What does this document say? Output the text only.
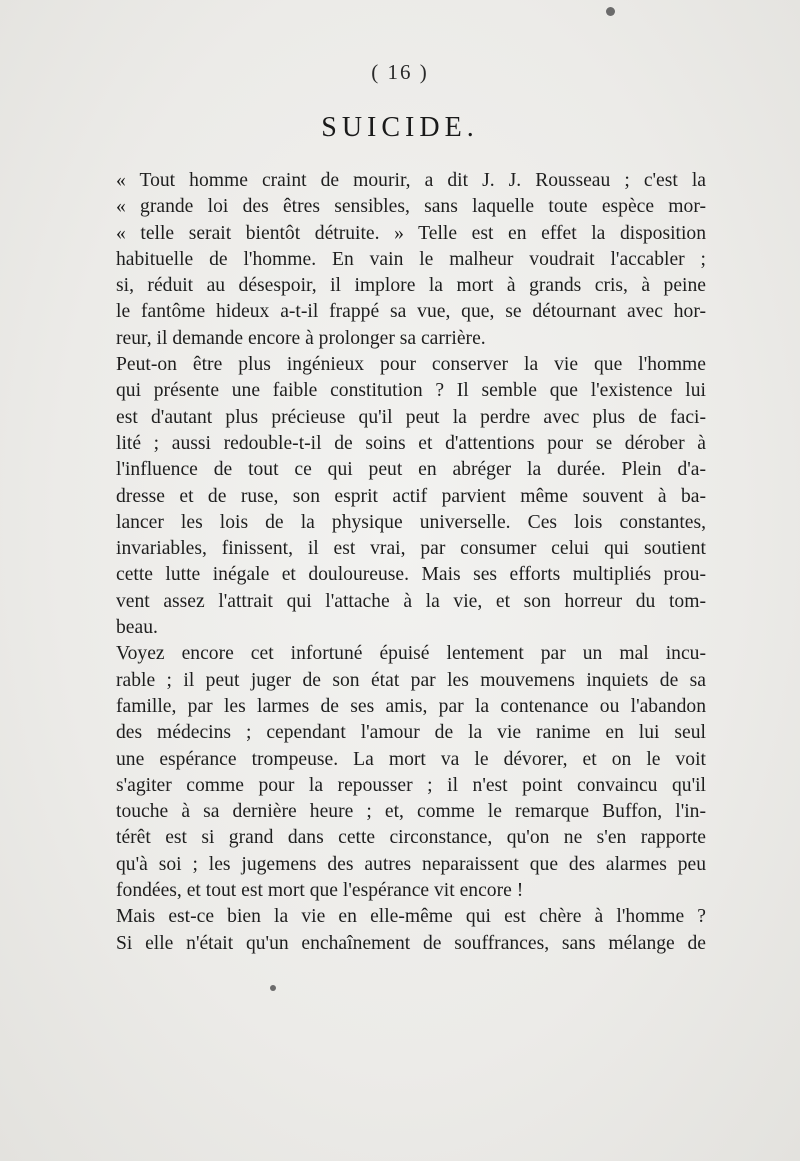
( 16 )
SUICIDE.
« Tout homme craint de mourir, a dit J. J. Rousseau ; c'est la
« grande loi des êtres sensibles, sans laquelle toute espèce mor-
« telle serait bientôt détruite. » Telle est en effet la disposition
habituelle de l'homme. En vain le malheur voudrait l'accabler ;
si, réduit au désespoir, il implore la mort à grands cris, à peine
le fantôme hideux a-t-il frappé sa vue, que, se détournant avec hor-
reur, il demande encore à prolonger sa carrière.
Peut-on être plus ingénieux pour conserver la vie que l'homme
qui présente une faible constitution ? Il semble que l'existence lui
est d'autant plus précieuse qu'il peut la perdre avec plus de faci-
lité ; aussi redouble-t-il de soins et d'attentions pour se dérober à
l'influence de tout ce qui peut en abréger la durée. Plein d'a-
dresse et de ruse, son esprit actif parvient même souvent à ba-
lancer les lois de la physique universelle. Ces lois constantes,
invariables, finissent, il est vrai, par consumer celui qui soutient
cette lutte inégale et douloureuse. Mais ses efforts multipliés prou-
vent assez l'attrait qui l'attache à la vie, et son horreur du tom-
beau.
Voyez encore cet infortuné épuisé lentement par un mal incu-
rable ; il peut juger de son état par les mouvemens inquiets de sa
famille, par les larmes de ses amis, par la contenance ou l'abandon
des médecins ; cependant l'amour de la vie ranime en lui seul
une espérance trompeuse. La mort va le dévorer, et on le voit
s'agiter comme pour la repousser ; il n'est point convaincu qu'il
touche à sa dernière heure ; et, comme le remarque Buffon, l'in-
térêt est si grand dans cette circonstance, qu'on ne s'en rapporte
qu'à soi ; les jugemens des autres neparaissent que des alarmes peu
fondées, et tout est mort que l'espérance vit encore !
Mais est-ce bien la vie en elle-même qui est chère à l'homme ?
Si elle n'était qu'un enchaînement de souffrances, sans mélange de
